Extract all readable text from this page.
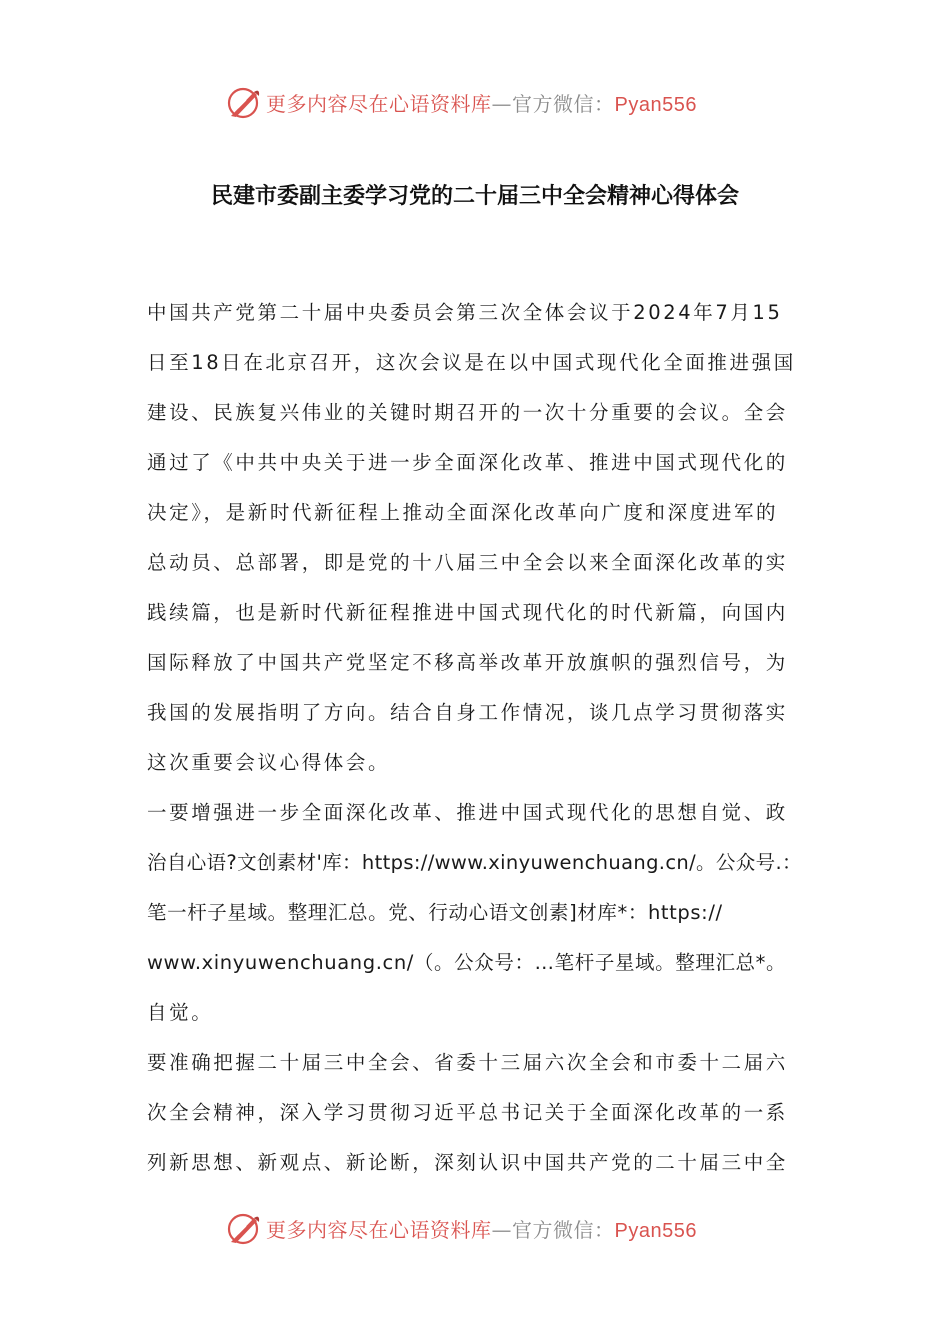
更多内容尽在心语资料库—官方微信：Pyan556
民建市委副主委学习党的二十届三中全会精神心得体会
中国共产党第二十届中央委员会第三次全体会议于2024年7月15
日至18日在北京召开，这次会议是在以中国式现代化全面推进强国
建设、民族复兴伟业的关键时期召开的一次十分重要的会议。全会
通过了《中共中央关于进一步全面深化改革、推进中国式现代化的
决定》，是新时代新征程上推动全面深化改革向广度和深度进军的
总动员、总部署，即是党的十八届三中全会以来全面深化改革的实
践续篇，也是新时代新征程推进中国式现代化的时代新篇，向国内
国际释放了中国共产党坚定不移高举改革开放旗帜的强烈信号，为
我国的发展指明了方向。结合自身工作情况，谈几点学习贯彻落实
这次重要会议心得体会。
一要增强进一步全面深化改革、推进中国式现代化的思想自觉、政
治自心语?文创素材'库：https://www.xinyuwenchuang.cn/。公众号.：
笔一杆子星域。整理汇总。党、行动心语文创素]材库*：https://
www.xinyuwenchuang.cn/（。公众号：…笔杆子星域。整理汇总*。
自觉。
要准确把握二十届三中全会、省委十三届六次全会和市委十二届六
次全会精神，深入学习贯彻习近平总书记关于全面深化改革的一系
列新思想、新观点、新论断，深刻认识中国共产党的二十届三中全
更多内容尽在心语资料库—官方微信：Pyan556
